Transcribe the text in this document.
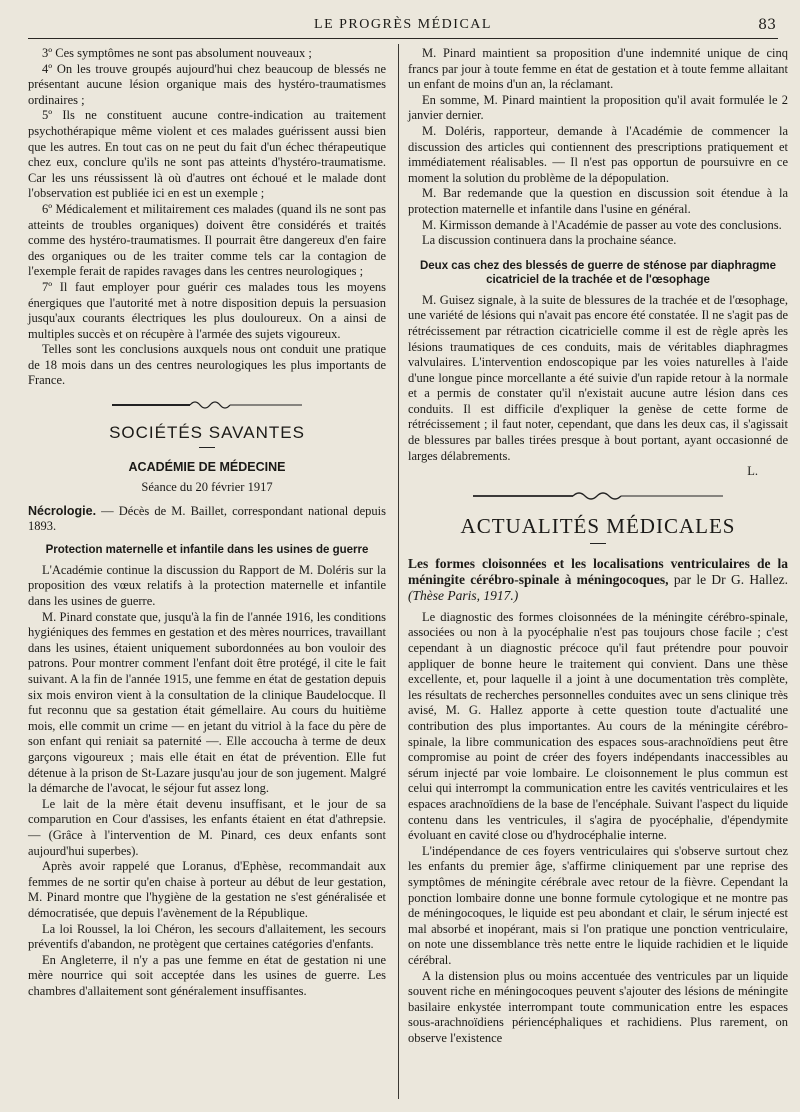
LE PROGRÈS MÉDICAL	83

3º Ces symptômes ne sont pas absolument nouveaux ;

4º On les trouve groupés aujourd'hui chez beaucoup de blessés ne présentant aucune lésion organique mais des hystéro-traumatismes ordinaires ;

5º Ils ne constituent aucune contre-indication au traitement psychothérapique même violent et ces malades guérissent aussi bien que les autres. En tout cas on ne peut du fait d'un échec thérapeutique chez eux, conclure qu'ils ne sont pas atteints d'hystéro-traumatisme. Car les uns réussissent là où d'autres ont échoué et le malade dont l'observation est publiée ici en est un exemple ;

6º Médicalement et militairement ces malades (quand ils ne sont pas atteints de troubles organiques) doivent être considérés et traités comme des hystéro-traumatismes. Il pourrait être dangereux d'en faire des organiques ou de les traiter comme tels car la contagion de l'exemple ferait de rapides ravages dans les centres neurologiques ;

7º Il faut employer pour guérir ces malades tous les moyens énergiques que l'autorité met à notre disposition depuis la persuasion jusqu'aux courants électriques les plus douloureux. On a ainsi de multiples succès et on récupère à l'armée des sujets vigoureux.

Telles sont les conclusions auxquels nous ont conduit une pratique de 18 mois dans un des centres neurologiques les plus importants de France.

SOCIÉTÉS SAVANTES
ACADÉMIE DE MÉDECINE

Séance du 20 février 1917

Nécrologie. — Décès de M. Baillet, correspondant national depuis 1893.

Protection maternelle et infantile dans les usines de guerre

L'Académie continue la discussion du Rapport de M. Doléris sur la proposition des vœux relatifs à la protection maternelle et infantile dans les usines de guerre.

M. Pinard constate que, jusqu'à la fin de l'année 1916, les conditions hygiéniques des femmes en gestation et des mères nourrices, travaillant dans les usines, étaient uniquement subordonnées au bon vouloir des patrons. Pour montrer comment l'enfant doit être protégé, il cite le fait suivant. A la fin de l'année 1915, une femme en état de gestation depuis six mois environ vient à la consultation de la clinique Baudelocque. Il fut reconnu que sa gestation était gémellaire. Au cours du huitième mois, elle commit un crime — en jetant du vitriol à la face du père de son enfant qui reniait sa paternité —. Elle accoucha à terme de deux garçons vigoureux ; mais elle était en état de prévention. Elle fut détenue à la prison de St-Lazare jusqu'au jour de son jugement. Malgré la démarche de l'avocat, le séjour fut assez long.

Le lait de la mère était devenu insuffisant, et le jour de sa comparution en Cour d'assises, les enfants étaient en état d'athrepsie. — (Grâce à l'intervention de M. Pinard, ces deux enfants sont aujourd'hui superbes).

Après avoir rappelé que Loranus, d'Ephèse, recommandait aux femmes de ne sortir qu'en chaise à porteur au début de leur gestation, M. Pinard montre que l'hygiène de la gestation ne s'est généralisée et démocratisée, que depuis l'avènement de la République.

La loi Roussel, la loi Chéron, les secours d'allaitement, les secours préventifs d'abandon, ne protègent que certaines catégories d'enfants.

En Angleterre, il n'y a pas une femme en état de gestation ni une mère nourrice qui soit acceptée dans les usines de guerre. Les chambres d'allaitement sont généralement insuffisantes.

M. Pinard maintient sa proposition d'une indemnité unique de cinq francs par jour à toute femme en état de gestation et à toute femme allaitant un enfant de moins d'un an, la réclamant.

En somme, M. Pinard maintient la proposition qu'il avait formulée le 2 janvier dernier.

M. Doléris, rapporteur, demande à l'Académie de commencer la discussion des articles qui contiennent des prescriptions pratiquement et immédiatement réalisables. — Il n'est pas opportun de poursuivre en ce moment la solution du problème de la dépopulation.

M. Bar redemande que la question en discussion soit étendue à la protection maternelle et infantile dans l'usine en général.

M. Kirmisson demande à l'Académie de passer au vote des conclusions.

La discussion continuera dans la prochaine séance.

Deux cas chez des blessés de guerre de sténose par diaphragme cicatriciel de la trachée et de l'œsophage

M. Guisez signale, à la suite de blessures de la trachée et de l'œsophage, une variété de lésions qui n'avait pas encore été constatée. Il ne s'agit pas de rétrécissement par rétraction cicatricielle comme il est de règle après les lésions traumatiques de ces conduits, mais de véritables diaphragmes valvulaires. L'intervention endoscopique par les voies naturelles à l'aide d'une longue pince morcellante a été suivie d'un rapide retour à la normale et a permis de constater qu'il n'existait aucune autre lésion dans ces conduits. Il est difficile d'expliquer la genèse de cette forme de rétrécissement ; il faut noter, cependant, que dans les deux cas, il s'agissait de blessures par balles tirées presque à bout portant, ayant occasionné de larges délabrements.

L.

ACTUALITÉS MÉDICALES

Les formes cloisonnées et les localisations ventriculaires de la méningite cérébro-spinale à méningocoques, par le Dr G. Hallez. (Thèse Paris, 1917.)

Le diagnostic des formes cloisonnées de la méningite cérébro-spinale, associées ou non à la pyocéphalie n'est pas toujours chose facile ; c'est cependant à un diagnostic précoce qu'il faut prétendre pour pouvoir appliquer de bonne heure le traitement qui convient. Dans une thèse excellente, et, pour laquelle il a joint à une documentation très complète, les résultats de recherches personnelles conduites avec un sens clinique très avisé, M. G. Hallez apporte à cette question toute d'actualité une contribution des plus importantes. Au cours de la méningite cérébro-spinale, la libre communication des espaces sous-arachnoïdiens peut être compromise au point de créer des foyers indépendants inaccessibles au sérum injecté par voie lombaire. Le cloisonnement le plus commun est celui qui interrompt la communication entre les cavités ventriculaires et les espaces arachnoïdiens de la base de l'encéphale. Suivant l'aspect du liquide contenu dans les ventricules, il s'agira de pyocéphalie, d'épendymite évoluant en cavité close ou d'hydrocéphalie interne.

L'indépendance de ces foyers ventriculaires qui s'observe surtout chez les enfants du premier âge, s'affirme cliniquement par une reprise des symptômes de méningite cérébrale avec retour de la fièvre. Cependant la ponction lombaire donne une bonne formule cytologique et ne montre pas de méningocoques, le liquide est peu abondant et clair, le sérum injecté est mal absorbé et inopérant, mais si l'on pratique une ponction ventriculaire, on note une dissemblance très nette entre le liquide rachidien et le liquide cérébral.

A la distension plus ou moins accentuée des ventricules par un liquide souvent riche en méningocoques peuvent s'ajouter des lésions de méningite basilaire enkystée interrompant toute communication entre les espaces sous-arachnoïdiens périencéphaliques et rachidiens. Plus rarement, on observe l'existence
